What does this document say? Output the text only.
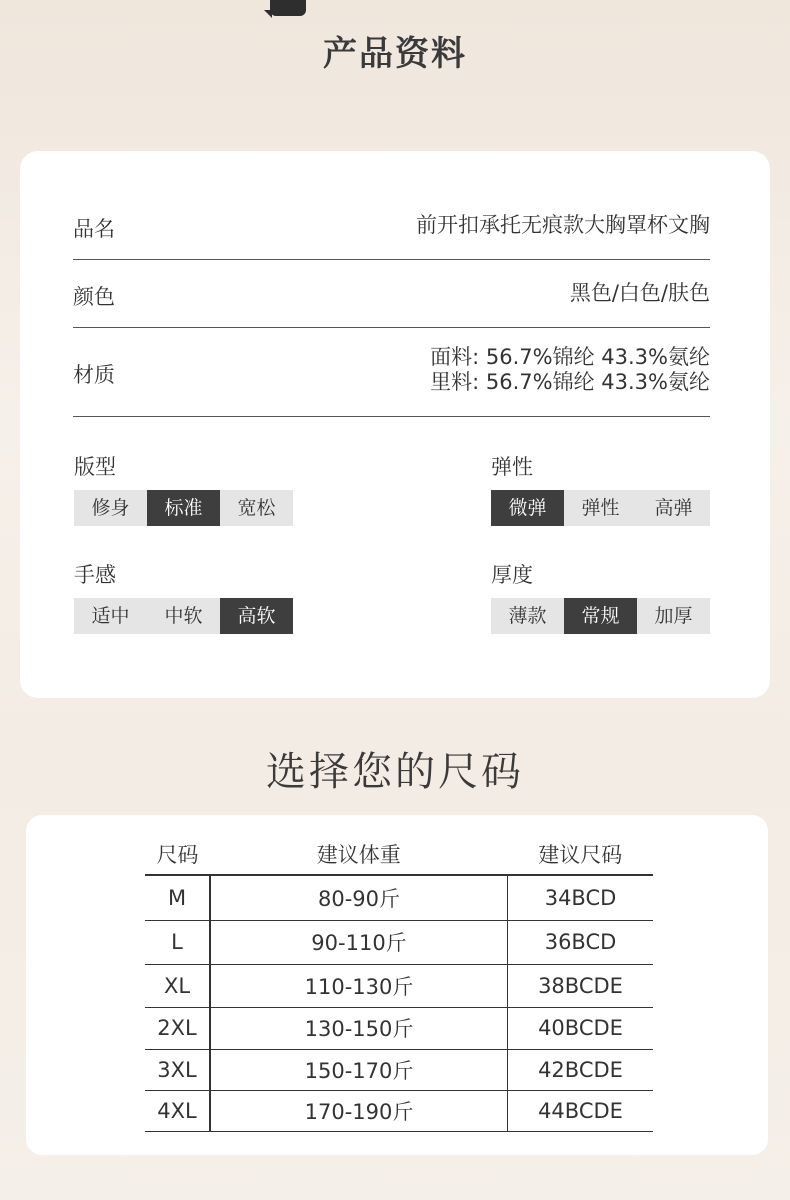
产品资料
品名	前开扣承托无痕款大胸罩杯文胸
颜色	黑色/白色/肤色
材质
面料: 56.7%锦纶 43.3%氨纶
里料: 56.7%锦纶 43.3%氨纶
版型
修身	标准	宽松
弹性
微弹	弹性	高弹
手感
适中	中软	高软
厚度
薄款	常规	加厚
选择您的尺码
尺码	建议体重	建议尺码
M	80-90斤	34BCD
L	90-110斤	36BCD
XL	110-130斤	38BCDE
2XL	130-150斤	40BCDE
3XL	150-170斤	42BCDE
4XL	170-190斤	44BCDE
